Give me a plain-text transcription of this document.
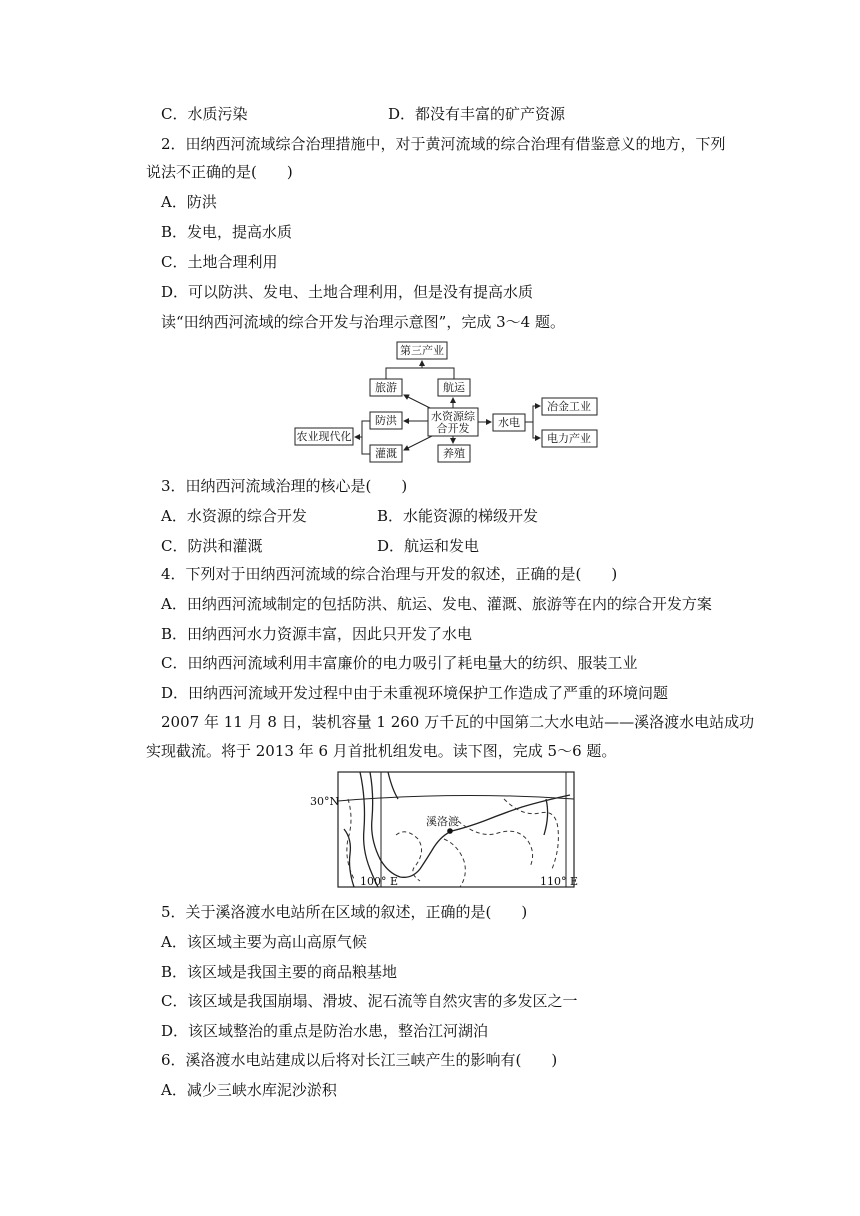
C．水质污染	D．都没有丰富的矿产资源
2．田纳西河流域综合治理措施中，对于黄河流域的综合治理有借鉴意义的地方，下列
说法不正确的是(　　)
A．防洪
B．发电，提高水质
C．土地合理利用
D．可以防洪、发电、土地合理利用，但是没有提高水质
读“田纳西河流域的综合开发与治理示意图”，完成 3～4 题。
第三产业
旅游	航运
防洪	水资源综
合开发	水电
冶金工业
电力产业
农业现代化
灌溉	养殖
3．田纳西河流域治理的核心是(　　)
A．水资源的综合开发	B．水能资源的梯级开发
C．防洪和灌溉	D．航运和发电
4．下列对于田纳西河流域的综合治理与开发的叙述，正确的是(　　)
A．田纳西河流域制定的包括防洪、航运、发电、灌溉、旅游等在内的综合开发方案
B．田纳西河水力资源丰富，因此只开发了水电
C．田纳西河流域利用丰富廉价的电力吸引了耗电量大的纺织、服装工业
D．田纳西河流域开发过程中由于未重视环境保护工作造成了严重的环境问题
2007 年 11 月 8 日，装机容量 1 260 万千瓦的中国第二大水电站——溪洛渡水电站成功
实现截流。将于 2013 年 6 月首批机组发电。读下图，完成 5～6 题。
30°N
溪洛渡
100° E	110° E
5．关于溪洛渡水电站所在区域的叙述，正确的是(　　)
A．该区域主要为高山高原气候
B．该区域是我国主要的商品粮基地
C．该区域是我国崩塌、滑坡、泥石流等自然灾害的多发区之一
D．该区域整治的重点是防治水患，整治江河湖泊
6．溪洛渡水电站建成以后将对长江三峡产生的影响有(　　)
A．减少三峡水库泥沙淤积
